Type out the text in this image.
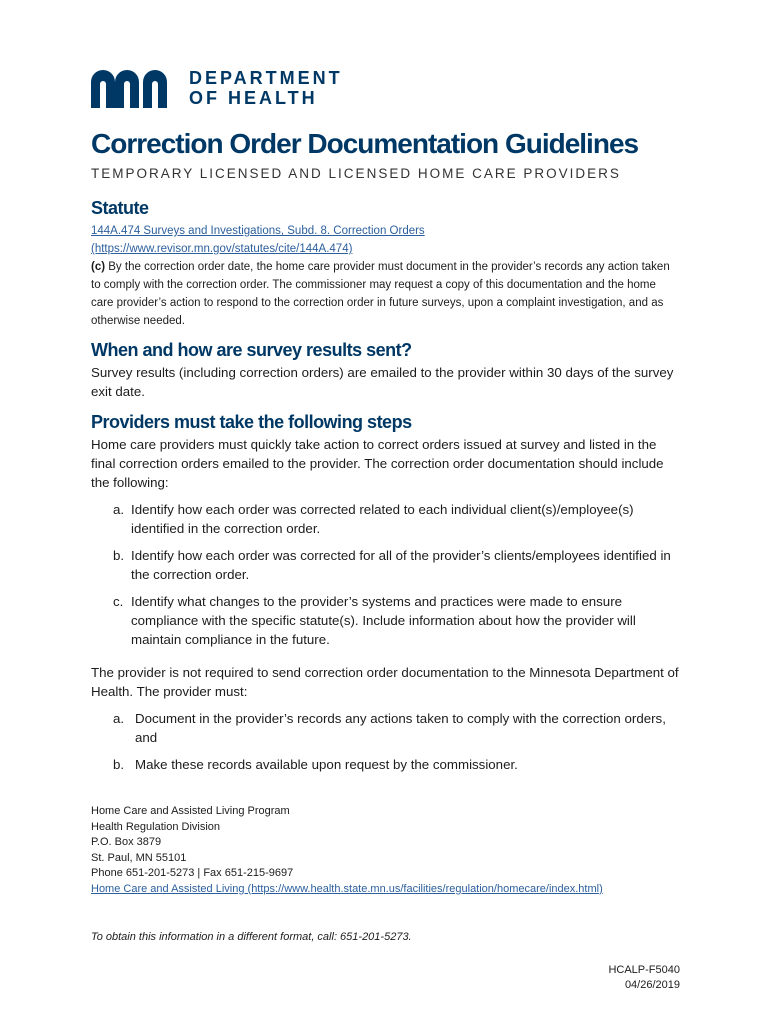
DEPARTMENT
OF HEALTH
Correction Order Documentation Guidelines

TEMPORARY LICENSED AND LICENSED HOME CARE PROVIDERS

Statute

144A.474 Surveys and Investigations, Subd. 8. Correction Orders
(https://www.revisor.mn.gov/statutes/cite/144A.474)

(c) By the correction order date, the home care provider must document in the provider’s records any action taken to comply with the correction order. The commissioner may request a copy of this documentation and the home care provider’s action to respond to the correction order in future surveys, upon a complaint investigation, and as otherwise needed.

When and how are survey results sent?

Survey results (including correction orders) are emailed to the provider within 30 days of the survey exit date.

Providers must take the following steps

Home care providers must quickly take action to correct orders issued at survey and listed in the final correction orders emailed to the provider. The correction order documentation should include the following:

a. Identify how each order was corrected related to each individual client(s)/employee(s) identified in the correction order.
b. Identify how each order was corrected for all of the provider’s clients/employees identified in the correction order.
c. Identify what changes to the provider’s systems and practices were made to ensure compliance with the specific statute(s). Include information about how the provider will maintain compliance in the future.

The provider is not required to send correction order documentation to the Minnesota Department of Health. The provider must:

a. Document in the provider’s records any actions taken to comply with the correction orders, and
b. Make these records available upon request by the commissioner.
Home Care and Assisted Living Program
Health Regulation Division
P.O. Box 3879
St. Paul, MN 55101
Phone 651-201-5273 | Fax 651-215-9697
Home Care and Assisted Living (https://www.health.state.mn.us/facilities/regulation/homecare/index.html)
To obtain this information in a different format, call: 651-201-5273.
HCALP-F5040
04/26/2019
